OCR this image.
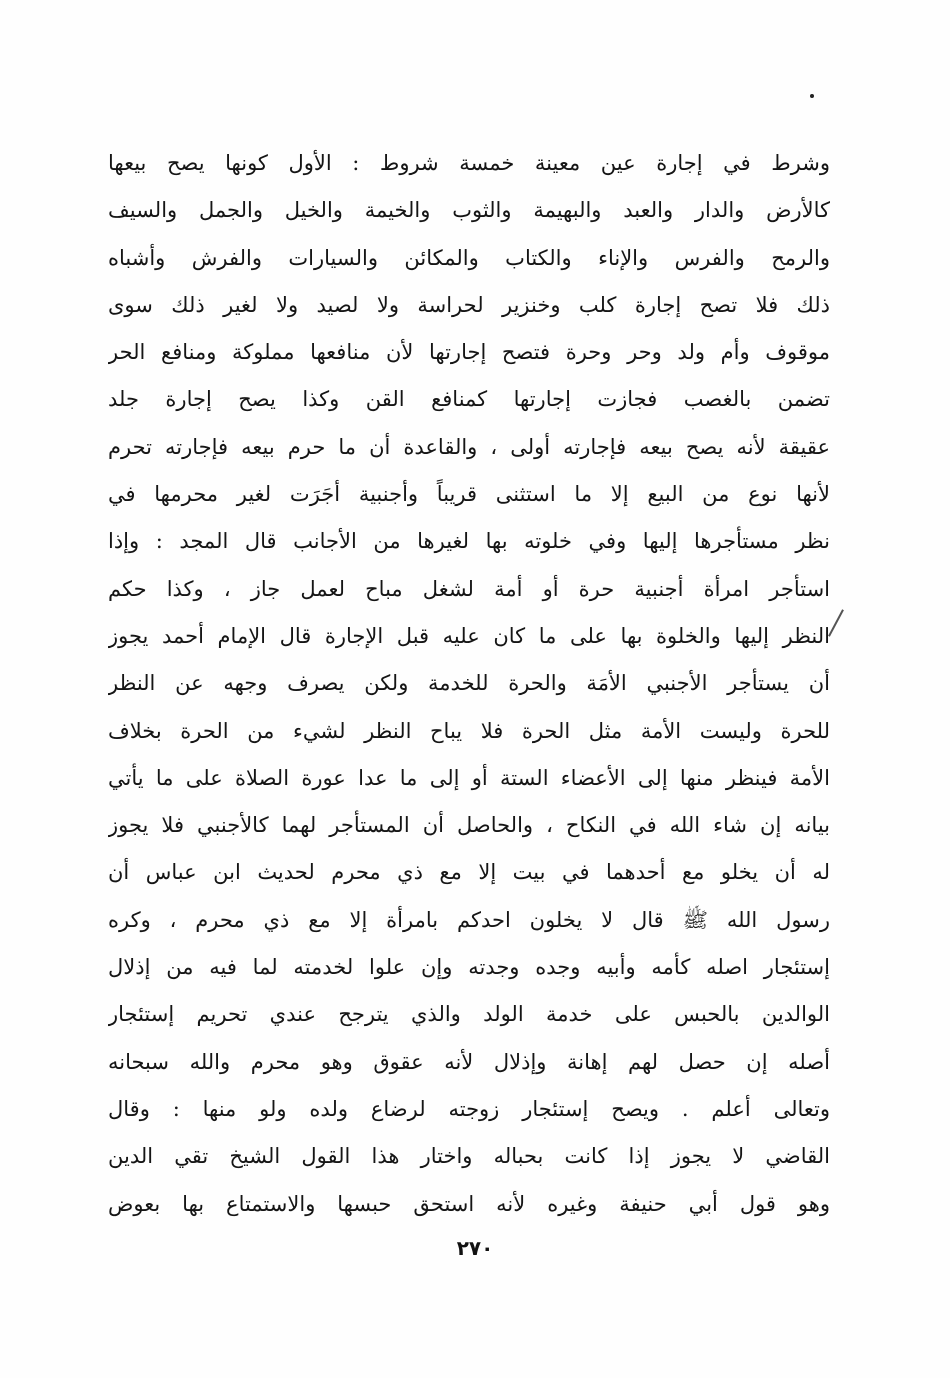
وشرط في إجارة عين معينة خمسة شروط : الأول كونها يصح بيعها
كالأرض والدار والعبد والبهيمة والثوب والخيمة والخيل والجمل والسيف
والرمح والفرس والإناء والكتاب والمكائن والسيارات والفرش وأشباه
ذلك فلا تصح إجارة كلب وخنزير لحراسة ولا لصيد ولا لغير ذلك سوى
موقوف وأم ولد وحر وحرة فتصح إجارتها لأن منافعها مملوكة ومنافع الحر
تضمن بالغصب فجازت إجارتها كمنافع القن وكذا يصح إجارة جلد
عقيقة لأنه يصح بيعه فإجارته أولى ، والقاعدة أن ما حرم بيعه فإجارته تحرم
لأنها نوع من البيع إلا ما استثنى قريباً وأجنبية أجَرَت لغير محرمها في
نظر مستأجرها إليها وفي خلوته بها لغيرها من الأجانب قال المجد : وإذا
استأجر امرأة أجنبية حرة أو أمة لشغل مباح لعمل جاز ، وكذا حكم
النظر إليها والخلوة بها على ما كان عليه قبل الإجارة قال الإمام أحمد يجوز
أن يستأجر الأجنبي الأمَة والحرة للخدمة ولكن يصرف وجهه عن النظر
للحرة وليست الأمة مثل الحرة فلا يباح النظر لشيء من الحرة بخلاف
الأمة فينظر منها إلى الأعضاء الستة أو إلى ما عدا عورة الصلاة على ما يأتي
بيانه إن شاء الله في النكاح ، والحاصل أن المستأجر لهما كالأجنبي فلا يجوز
له أن يخلو مع أحدهما في بيت إلا مع ذي محرم لحديث ابن عباس أن
رسول الله ﷺ قال لا يخلون احدكم بامرأة إلا مع ذي محرم ، وكره
إستئجار اصله كأمه وأبيه وجده وجدته وإن علوا لخدمته لما فيه من إذلال
الوالدين بالحبس على خدمة الولد والذي يترجح عندي تحريم إستئجار
أصله إن حصل لهم إهانة وإذلال لأنه عقوق وهو محرم والله سبحانه
وتعالى أعلم . ويصح إستئجار زوجته لرضاع ولده ولو منها : وقال
القاضي لا يجوز إذا كانت بحباله واختار هذا القول الشيخ تقي الدين
وهو قول أبي حنيفة وغيره لأنه استحق حبسها والاستمتاع بها بعوض
٢٧٠
